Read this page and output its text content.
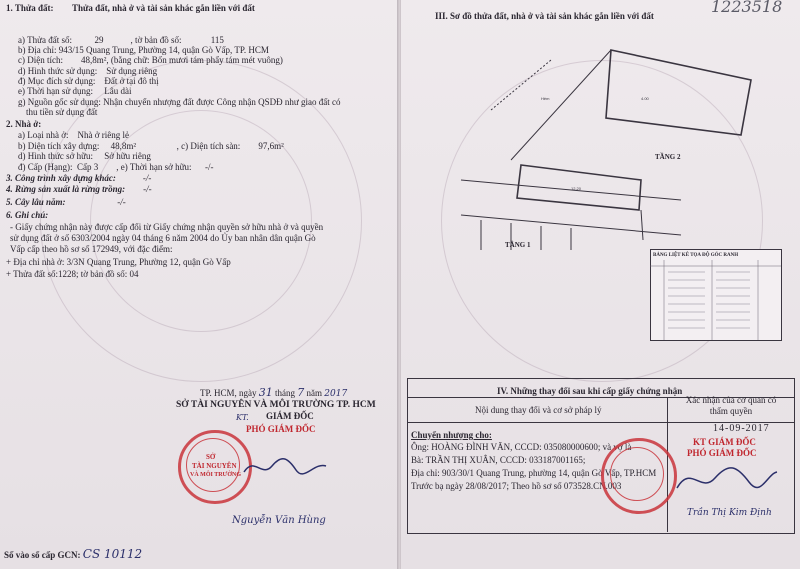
1. Thửa đất: Thửa đất, nhà ở và tài sản khác gắn liền với đất
a) Thửa đất số:	29	, tờ bản đồ số:	115
b) Địa chỉ: 943/15 Quang Trung, Phường 14, quận Gò Vấp, TP. HCM
c) Diện tích: 48,8m², (bằng chữ: Bốn mươi tám phẩy tám mét vuông)
d) Hình thức sử dụng: Sử dụng riêng
đ) Mục đích sử dụng: Đất ở tại đô thị
e) Thời hạn sử dụng: Lâu dài
g) Nguồn gốc sử dụng: Nhận chuyển nhượng đất được Công nhận QSDĐ như giao đất có
thu tiền sử dụng đất
2. Nhà ở:
a) Loại nhà ở: Nhà ở riêng lẻ
b) Diện tích xây dựng: 48,8m²	, c) Diện tích sàn: 97,6m²
d) Hình thức sở hữu: Sở hữu riêng
đ) Cấp (Hạng): Cấp 3 , e) Thời hạn sở hữu: -/-
3. Công trình xây dựng khác:	-/-
4. Rừng sản xuất là rừng trồng: -/-
5. Cây lâu năm:	-/-
6. Ghi chú:
- Giấy chứng nhận này được cấp đổi từ Giấy chứng nhận quyền sở hữu nhà ở và quyền
sử dụng đất ở số 6303/2004 ngày 04 tháng 6 năm 2004 do Ủy ban nhân dân quận Gò
Vấp cấp theo hồ sơ số 172949, với đặc điểm:
+ Địa chỉ nhà ở: 3/3N Quang Trung, Phường 12, quận Gò Vấp
+ Thửa đất số:1228; tờ bản đồ số: 04
TP. HCM, ngày 31 tháng 7 năm 2017
SỞ TÀI NGUYÊN VÀ MÔI TRƯỜNG TP. HCM
KT. GIÁM ĐỐC
PHÓ GIÁM ĐỐC
SỞ
TÀI NGUYÊN
VÀ MÔI TRƯỜNG
Nguyễn Văn Hùng
Số vào sổ cấp GCN: CS 10112
1223518
III. Sơ đồ thửa đất, nhà ở và tài sản khác gắn liền với đất
Hẻm	4.00
12.20
TẦNG 2
TẦNG 1
BẢNG LIỆT KÊ TỌA ĐỘ GÓC RANH
IV. Những thay đổi sau khi cấp giấy chứng nhận
Nội dung thay đổi và cơ sở pháp lý
Xác nhận của cơ quan có thẩm quyền
Chuyển nhượng cho:
Ông: HOÀNG ĐÌNH VĂN, CCCD: 035080000600; và vợ là
Bà: TRẦN THỊ XUÂN, CCCD: 033187001165;
Địa chỉ: 903/30/1 Quang Trung, phường 14, quận Gò Vấp, TP.HCM
Trước bạ ngày 28/08/2017; Theo hồ sơ số 073528.CN.003
14-09-2017
KT GIÁM ĐỐC
PHÓ GIÁM ĐỐC
Trần Thị Kim Định
